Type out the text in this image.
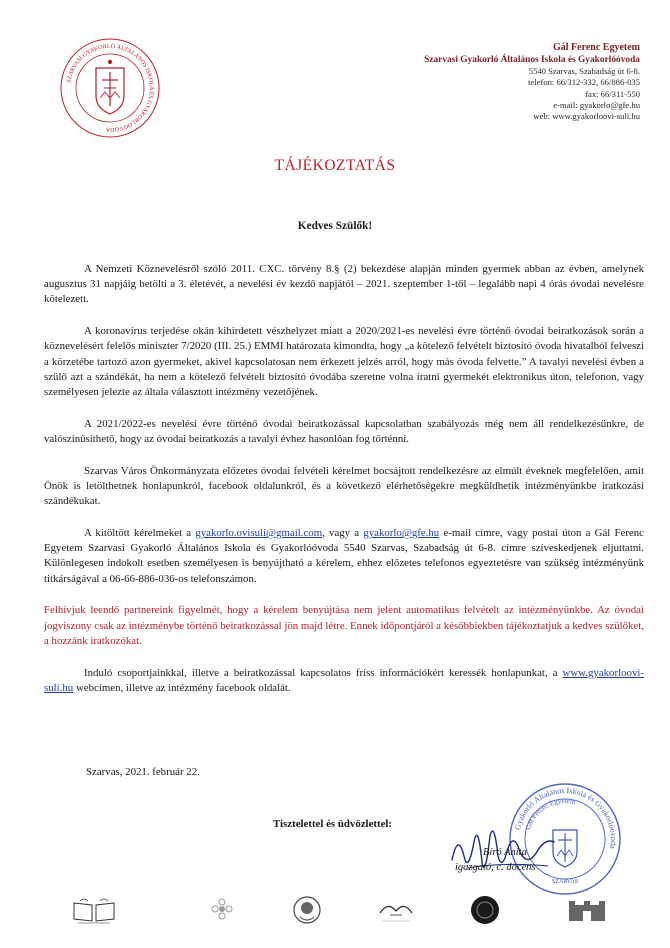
SZARVASI GYAKORLÓ ÁLTALÁNOS ISKOLA ÉS GYAKORLÓÓVODA
Gál Ferenc Egyetem
Szarvasi Gyakorló Általános Iskola és Gyakorlóóvoda
5540 Szarvas, Szabadság út 6-8.
telefon: 66/312-332, 66/886-035
fax: 66/311-550
e-mail: gyakorlo@gfe.hu
web: www.gyakorloovi-suli.hu
TÁJÉKOZTATÁS
Kedves Szülők!

A Nemzeti Köznevelésről szóló 2011. CXC. törvény 8.§ (2) bekezdése alapján minden gyermek abban az évben, amelynek augusztus 31 napjáig betölti a 3. életévét, a nevelési év kezdő napjától – 2021. szeptember 1-től – legalább napi 4 órás óvodai nevelésre kötelezett.

A koronavírus terjedése okán kihirdetett vészhelyzet miatt a 2020/2021-es nevelési évre történő óvodai beiratkozások során a köznevelésért felelős miniszter 7/2020 (III. 25.) EMMI határozata kimondta, hogy „a kötelező felvételt biztosító óvoda hivatalból felveszi a körzetébe tartozó azon gyermeket, akivel kapcsolatosan nem érkezett jelzés arról, hogy más óvoda felvette.” A tavalyi nevelési évben a szülő azt a szándékát, ha nem a kötelező felvételt biztosító óvodába szeretne volna íratni gyermekét elektronikus úton, telefonon, vagy személyesen jelezte az általa választott intézmény vezetőjének.

A 2021/2022-es nevelési évre történő óvodai beiratkozással kapcsolatban szabályozás még nem áll rendelkezésünkre, de valószínűsíthető, hogy az óvodai beiratkozás a tavalyi évhez hasonlóan fog történni.

Szarvas Város Önkormányzata előzetes óvodai felvételi kérelmet bocsájtott rendelkezésre az elmúlt éveknek megfelelően, amit Önök is letölthetnek honlapunkról, facebook oldalunkról, és a következő elérhetőségekre megküldhetik intézményünkbe iratkozási szándékukat.

A kitöltött kérelmeket a gyakorlo.ovisuli@gmail.com, vagy a gyakorlo@gfe.hu e-mail címre, vagy postai úton a Gál Ferenc Egyetem Szarvasi Gyakorló Általános Iskola és Gyakorlóóvoda 5540 Szarvas, Szabadság út 6-8. címre szíveskedjenek eljuttatni. Különlegesen indokolt esetben személyesen is benyújtható a kérelem, ehhez előzetes telefonos egyeztetésre van szükség intézményünk titkárságával a 06-66-886-036-os telefonszámon.

Felhívjuk leendő partnereink figyelmét, hogy a kérelem benyújtása nem jelent automatikus felvételt az intézményünkbe. Az óvodai jogviszony csak az intézménybe történő beiratkozással jön majd létre. Ennek időpontjáról a későbbiekben tájékoztatjuk a kedves szülőket, a hozzánk iratkozókat.

Induló csoportjainkkal, illetve a beiratkozással kapcsolatos friss információkért keressék honlapunkat, a www.gyakorloovi-suli.hu webcímen, illetve az intézmény facebook oldalát.

Szarvas, 2021. február 22.
Tisztelettel és üdvözlettel:	Gyakorló Általános Iskola és Gyakorlóóvoda
Gál Ferenc Egyetem
SZARVAS
Bíró Anita
igazgató, c. docens
